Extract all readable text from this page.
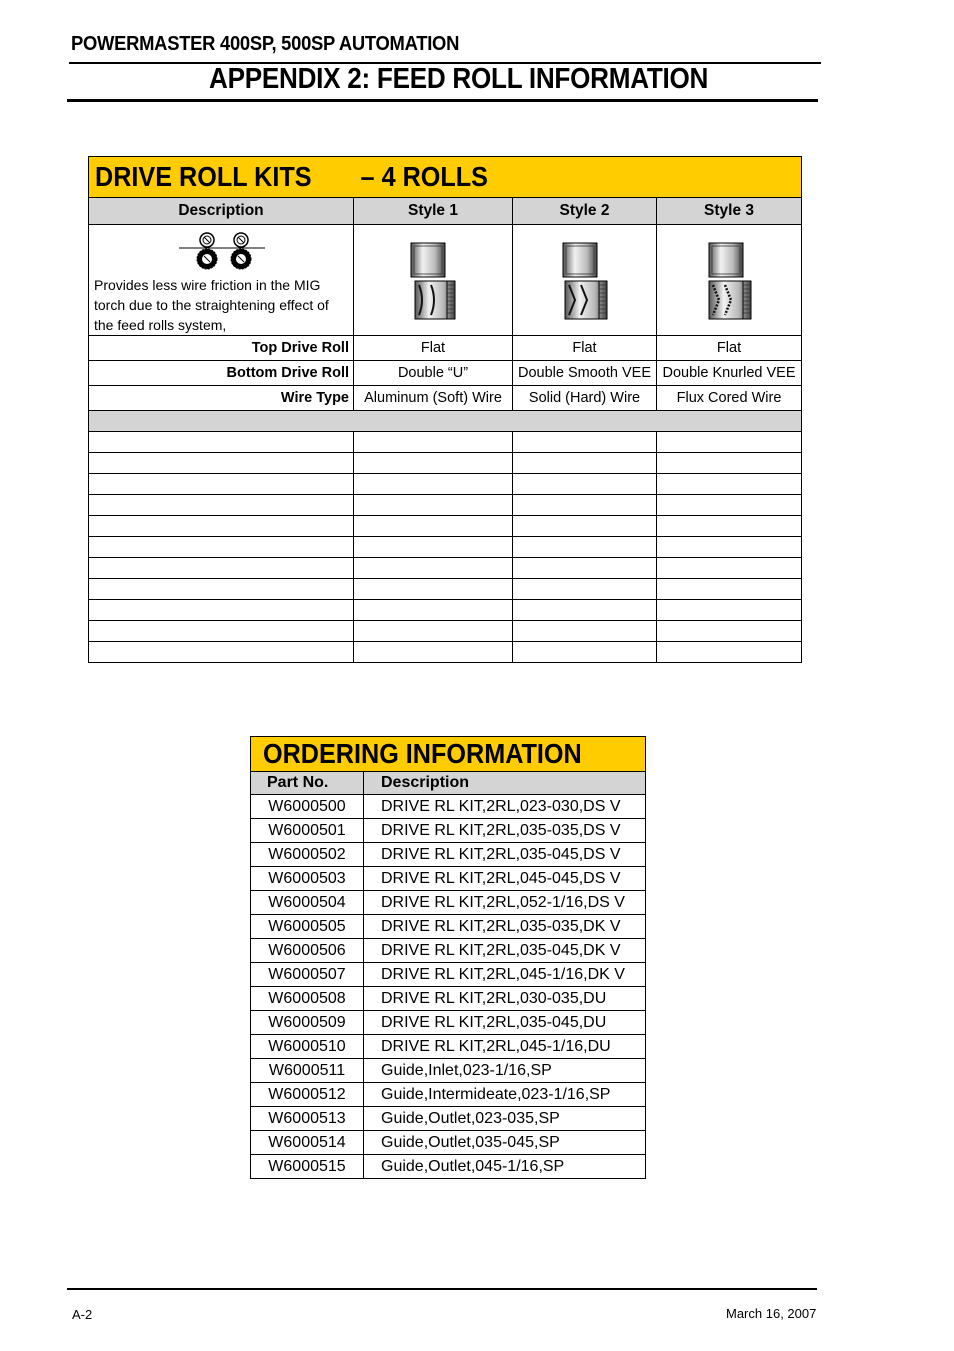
POWERMASTER 400SP, 500SP AUTOMATION
APPENDIX 2: FEED ROLL INFORMATION
DRIVE ROLL KITS       – 4 ROLLS			
Description	Style 1	Style 2	Style 3

Provides less wire friction in the MIG torch due to the straightening effect of the feed rolls system,

Top Drive Roll	Flat	Flat	Flat
Bottom Drive Roll	Double “U”	Double Smooth VEE	Double Knurled VEE
Wire Type	Aluminum (Soft) Wire	Solid (Hard) Wire	Flux Cored Wire

ORDERING INFORMATION	
Part No.	Description
W6000500	DRIVE RL KIT,2RL,023-030,DS V
W6000501	DRIVE RL KIT,2RL,035-035,DS V
W6000502	DRIVE RL KIT,2RL,035-045,DS V
W6000503	DRIVE RL KIT,2RL,045-045,DS V
W6000504	DRIVE RL KIT,2RL,052-1/16,DS V
W6000505	DRIVE RL KIT,2RL,035-035,DK V
W6000506	DRIVE RL KIT,2RL,035-045,DK V
W6000507	DRIVE RL KIT,2RL,045-1/16,DK V
W6000508	DRIVE RL KIT,2RL,030-035,DU
W6000509	DRIVE RL KIT,2RL,035-045,DU
W6000510	DRIVE RL KIT,2RL,045-1/16,DU
W6000511	Guide,Inlet,023-1/16,SP
W6000512	Guide,Intermideate,023-1/16,SP
W6000513	Guide,Outlet,023-035,SP
W6000514	Guide,Outlet,035-045,SP
W6000515	Guide,Outlet,045-1/16,SP
A-2	March 16, 2007
